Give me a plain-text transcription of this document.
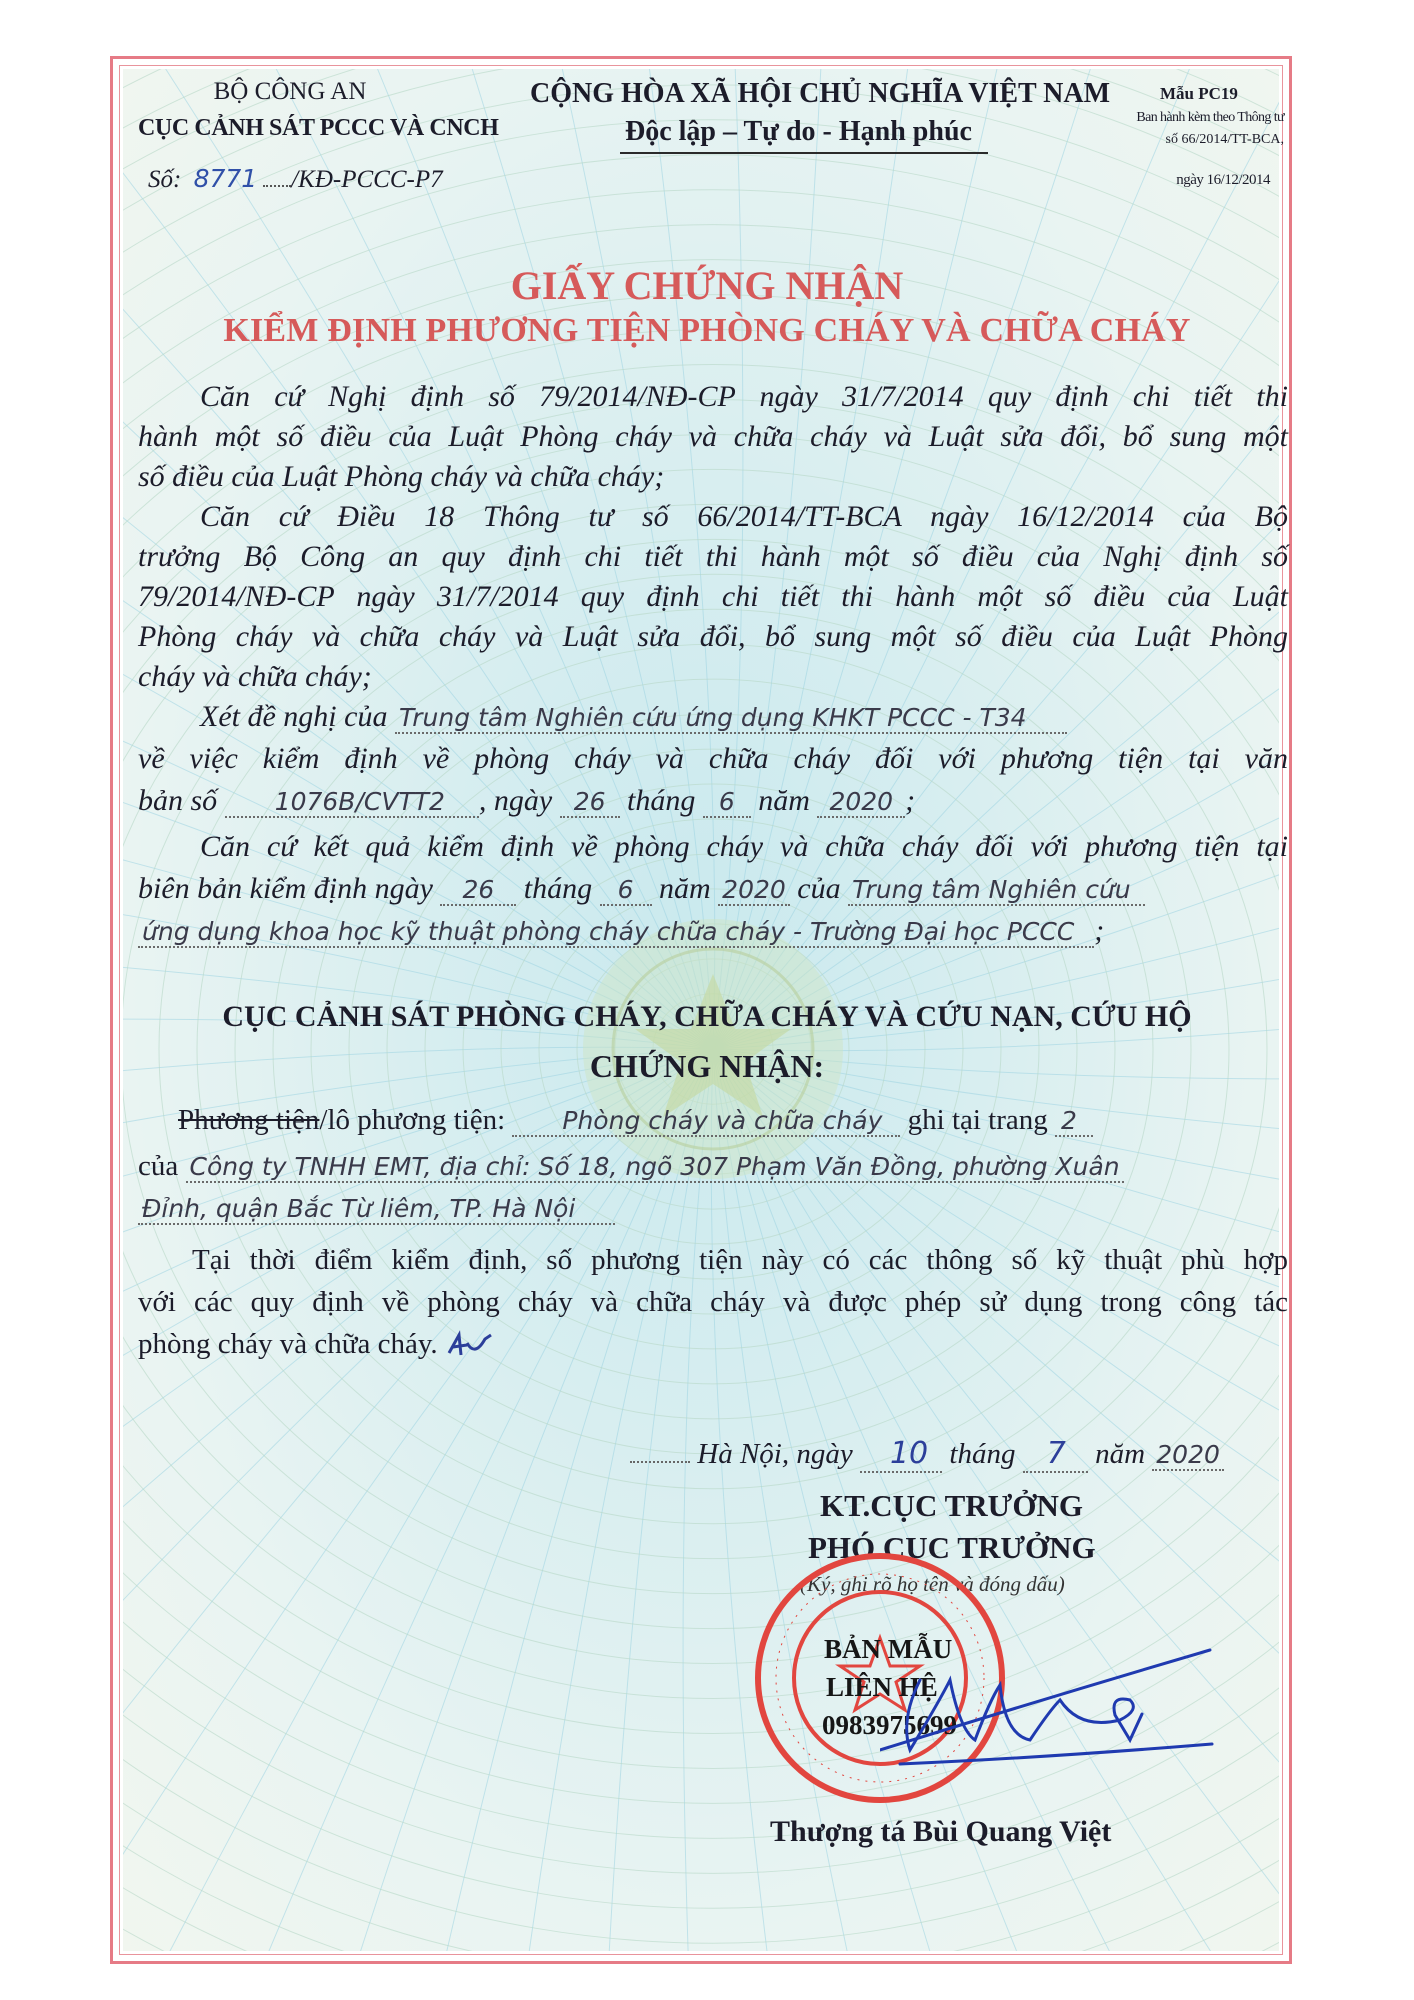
BỘ CÔNG AN
CỤC CẢNH SÁT PCCC VÀ CNCH
Số: 8771 /KĐ-PCCC-P7
CỘNG HÒA XÃ HỘI CHỦ NGHĨA VIỆT NAM
Độc lập – Tự do - Hạnh phúc
Mẫu PC19
Ban hành kèm theo Thông tư
số 66/2014/TT-BCA,
ngày 16/12/2014
GIẤY CHỨNG NHẬN
KIỂM ĐỊNH PHƯƠNG TIỆN PHÒNG CHÁY VÀ CHỮA CHÁY
Căn cứ Nghị định số 79/2014/NĐ-CP ngày 31/7/2014 quy định chi tiết thi
hành một số điều của Luật Phòng cháy và chữa cháy và Luật sửa đổi, bổ sung một
số điều của Luật Phòng cháy và chữa cháy;
Căn cứ Điều 18 Thông tư số 66/2014/TT-BCA ngày 16/12/2014 của Bộ
trưởng Bộ Công an quy định chi tiết thi hành một số điều của Nghị định số
79/2014/NĐ-CP ngày 31/7/2014 quy định chi tiết thi hành một số điều của Luật
Phòng cháy và chữa cháy và Luật sửa đổi, bổ sung một số điều của Luật Phòng
cháy và chữa cháy;
Xét đề nghị của Trung tâm Nghiên cứu ứng dụng KHKT PCCC - T34
về việc kiểm định về phòng cháy và chữa cháy đối với phương tiện tại văn
bản số 1076B/CVTT2 , ngày 26 tháng 6 năm 2020 ;
Căn cứ kết quả kiểm định về phòng cháy và chữa cháy đối với phương tiện tại
biên bản kiểm định ngày 26 tháng 6 năm 2020 của Trung tâm Nghiên cứu
ứng dụng khoa học kỹ thuật phòng cháy chữa cháy - Trường Đại học PCCC ;
CỤC CẢNH SÁT PHÒNG CHÁY, CHỮA CHÁY VÀ CỨU NẠN, CỨU HỘ
CHỨNG NHẬN:
Phương tiện/lô phương tiện: Phòng cháy và chữa cháy ghi tại trang 2
của Công ty TNHH EMT, địa chỉ: Số 18, ngõ 307 Phạm Văn Đồng, phường Xuân
Đỉnh, quận Bắc Từ liêm, TP. Hà Nội
Tại thời điểm kiểm định, số phương tiện này có các thông số kỹ thuật phù hợp
với các quy định về phòng cháy và chữa cháy và được phép sử dụng trong công tác
phòng cháy và chữa cháy.
Hà Nội, ngày 10 tháng 7 năm 2020
KT.CỤC TRƯỞNG
PHÓ CỤC TRƯỞNG
(Ký, ghi rõ họ tên và đóng dấu)
BẢN MẪU
LIÊN HỆ
0983975699
Thượng tá Bùi Quang Việt
